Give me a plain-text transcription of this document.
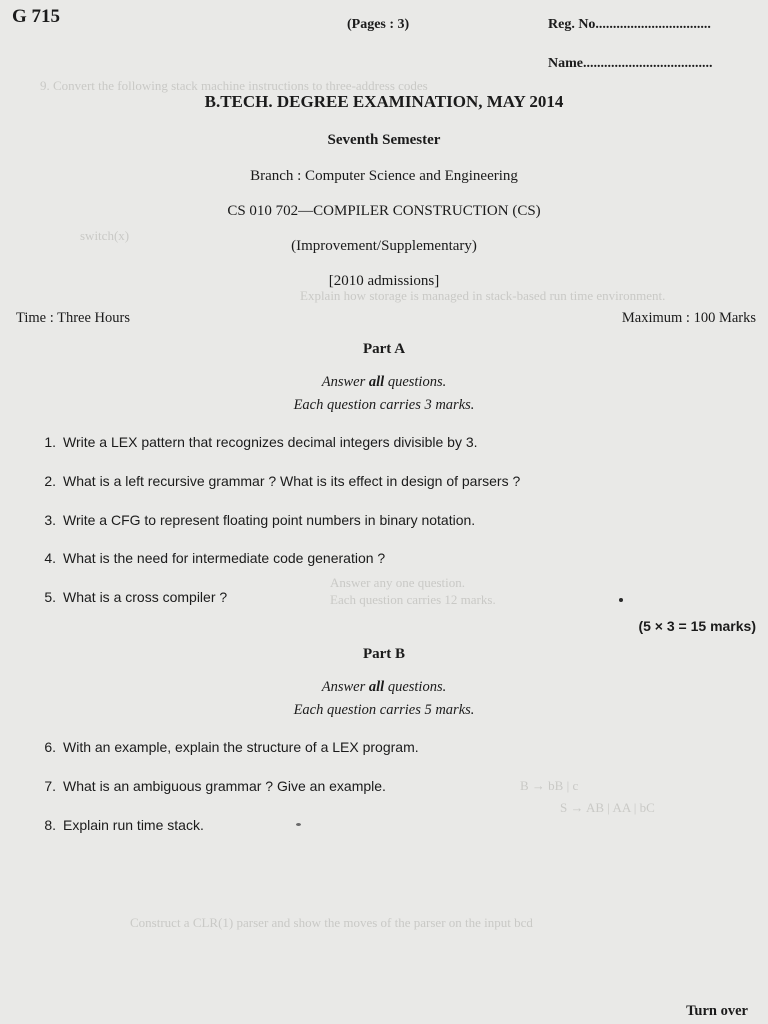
9. Convert the following stack machine instructions to three-address codes
switch(x)
Explain how storage is managed in stack-based run time environment.
Answer any one question.
Each question carries 12 marks.
B → bB | c
S → AB | AA | bC
Construct a CLR(1) parser and show the moves of the parser on the input bcd
G 715	(Pages : 3)	Reg. No.................................
Name.....................................
B.TECH. DEGREE EXAMINATION, MAY 2014
Seventh Semester
Branch : Computer Science and Engineering
CS 010 702—COMPILER CONSTRUCTION (CS)
(Improvement/Supplementary)
[2010 admissions]
Time : Three Hours	Maximum : 100 Marks
Part A
Answer all questions.
Each question carries 3 marks.
1. Write a LEX pattern that recognizes decimal integers divisible by 3.
2. What is a left recursive grammar ? What is its effect in design of parsers ?
3. Write a CFG to represent floating point numbers in binary notation.
4. What is the need for intermediate code generation ?
5. What is a cross compiler ?
(5 × 3 = 15 marks)
Part B
Answer all questions.
Each question carries 5 marks.
6. With an example, explain the structure of a LEX program.
7. What is an ambiguous grammar ? Give an example.
8. Explain run time stack.
Turn over
